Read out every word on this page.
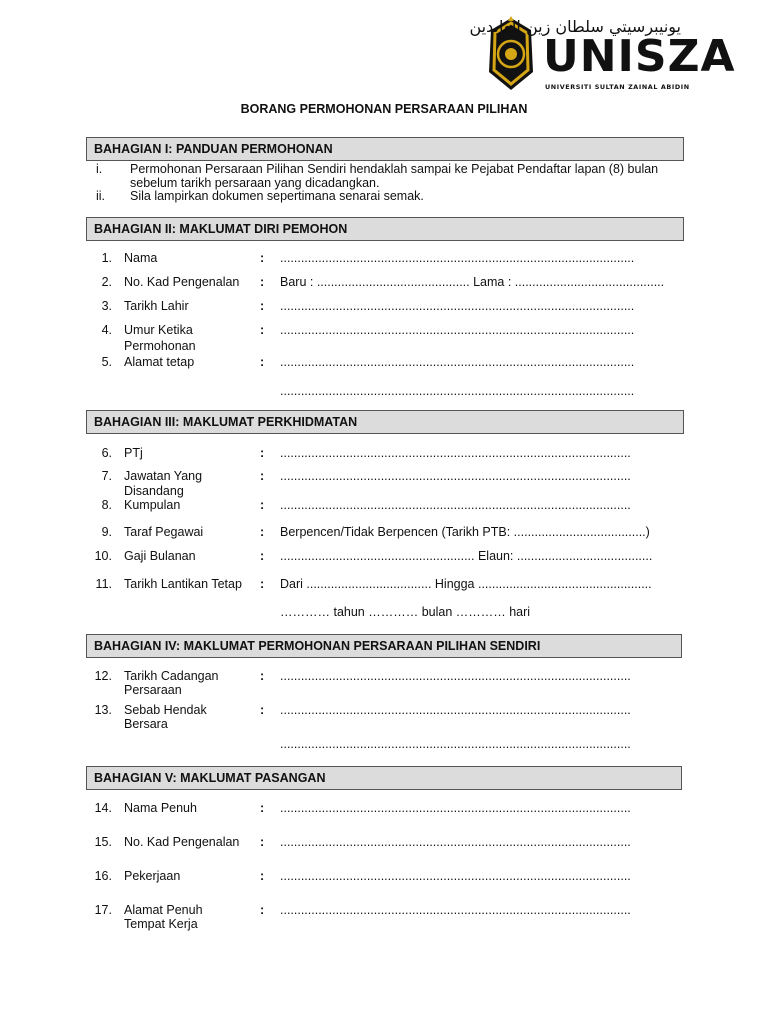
يونيبرسيتي سلطان زين العابدين
UNISZA
UNIVERSITI SULTAN ZAINAL ABIDIN
BORANG PERMOHONAN PERSARAAN PILIHAN
BAHAGIAN I: PANDUAN PERMOHONAN
i. Permohonan Persaraan Pilihan Sendiri hendaklah sampai ke Pejabat Pendaftar lapan (8) bulan
sebelum tarikh persaraan yang dicadangkan.
ii. Sila lampirkan dokumen sepertimana senarai semak.
BAHAGIAN II: MAKLUMAT DIRI PEMOHON
1. Nama	: ......................................................................................................
2. No. Kad Pengenalan	: Baru : ............................................ Lama : ...........................................
3. Tarikh Lahir	: ......................................................................................................
4. Umur Ketika
Permohonan
: ......................................................................................................
5. Alamat tetap	: ......................................................................................................
......................................................................................................
BAHAGIAN III: MAKLUMAT PERKHIDMATAN
6. PTj	: .....................................................................................................
7. Jawatan Yang
Disandang
: .....................................................................................................
8. Kumpulan	: .....................................................................................................
9. Taraf Pegawai	: Berpencen/Tidak Berpencen (Tarikh PTB: ......................................)
10. Gaji Bulanan	: ........................................................ Elaun: .......................................
11. Tarikh Lantikan Tetap	: Dari .................................... Hingga ..................................................
………… tahun ………… bulan ………… hari
BAHAGIAN IV: MAKLUMAT PERMOHONAN PERSARAAN PILIHAN SENDIRI
12. Tarikh Cadangan
Persaraan
: .....................................................................................................
13. Sebab Hendak
Bersara
: .....................................................................................................
.....................................................................................................
BAHAGIAN V: MAKLUMAT PASANGAN
14. Nama Penuh	: .....................................................................................................
15. No. Kad Pengenalan	: .....................................................................................................
16. Pekerjaan	: .....................................................................................................
17. Alamat Penuh
Tempat Kerja
: .....................................................................................................
